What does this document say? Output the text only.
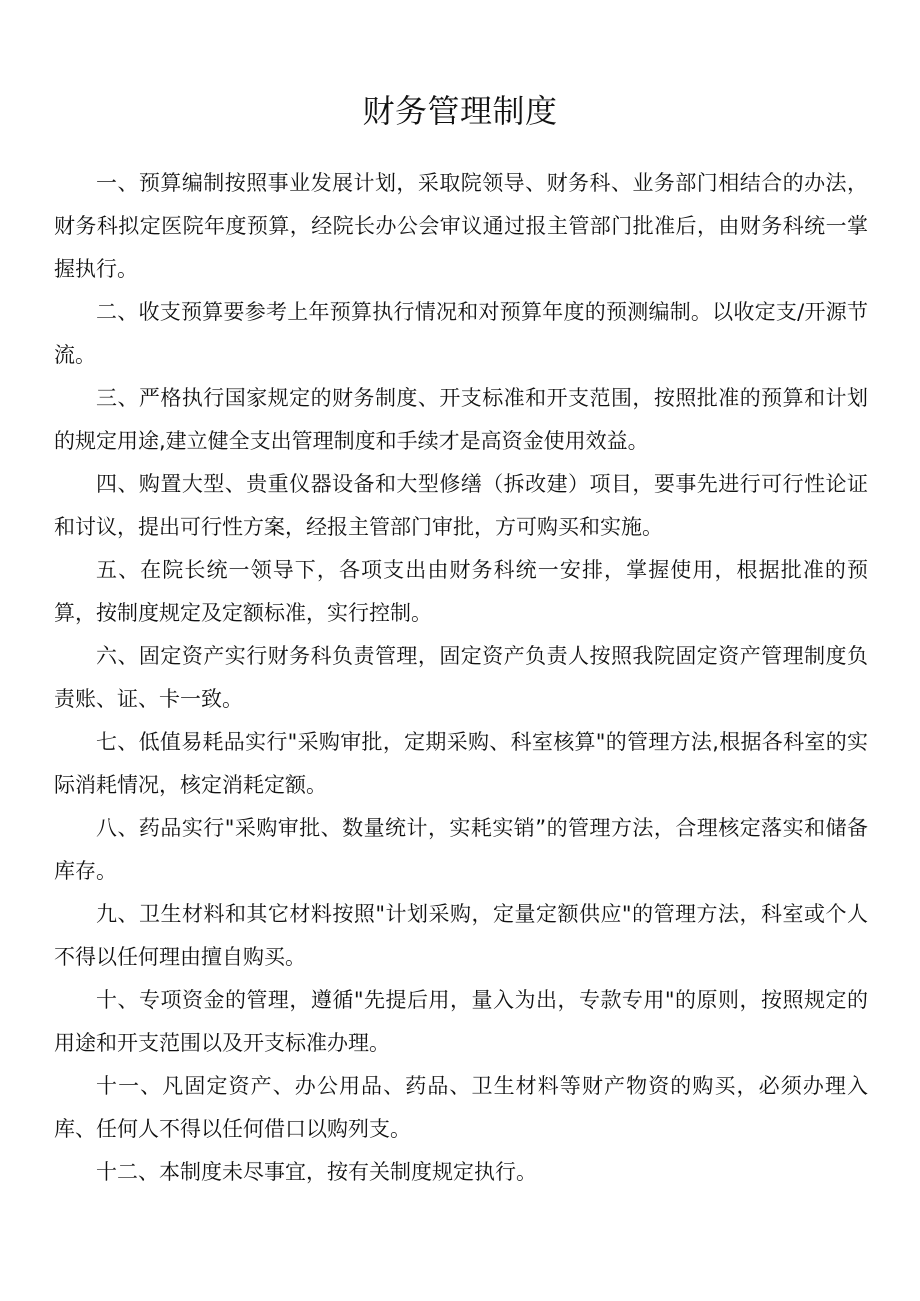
财务管理制度

一、预算编制按照事业发展计划，采取院领导、财务科、业务部门相结合的办法，财务科拟定医院年度预算，经院长办公会审议通过报主管部门批准后，由财务科统一掌握执行。

二、收支预算要参考上年预算执行情况和对预算年度的预测编制。以收定支/开源节流。

三、严格执行国家规定的财务制度、开支标准和开支范围，按照批准的预算和计划的规定用途,建立健全支出管理制度和手续才是高资金使用效益。

四、购置大型、贵重仪器设备和大型修缮（拆改建）项目，要事先进行可行性论证和讨议，提出可行性方案，经报主管部门审批，方可购买和实施。

五、在院长统一领导下，各项支出由财务科统一安排，掌握使用，根据批准的预算，按制度规定及定额标准，实行控制。

六、固定资产实行财务科负责管理，固定资产负责人按照我院固定资产管理制度负责账、证、卡一致。

七、低值易耗品实行"采购审批，定期采购、科室核算"的管理方法,根据各科室的实际消耗情况，核定消耗定额。

八、药品实行"采购审批、数量统计，实耗实销”的管理方法，合理核定落实和储备库存。

九、卫生材料和其它材料按照"计划采购，定量定额供应"的管理方法，科室或个人不得以任何理由擅自购买。

十、专项资金的管理，遵循"先提后用，量入为出，专款专用"的原则，按照规定的用途和开支范围以及开支标准办理。

十一、凡固定资产、办公用品、药品、卫生材料等财产物资的购买，必须办理入库、任何人不得以任何借口以购列支。

十二、本制度未尽事宜，按有关制度规定执行。
